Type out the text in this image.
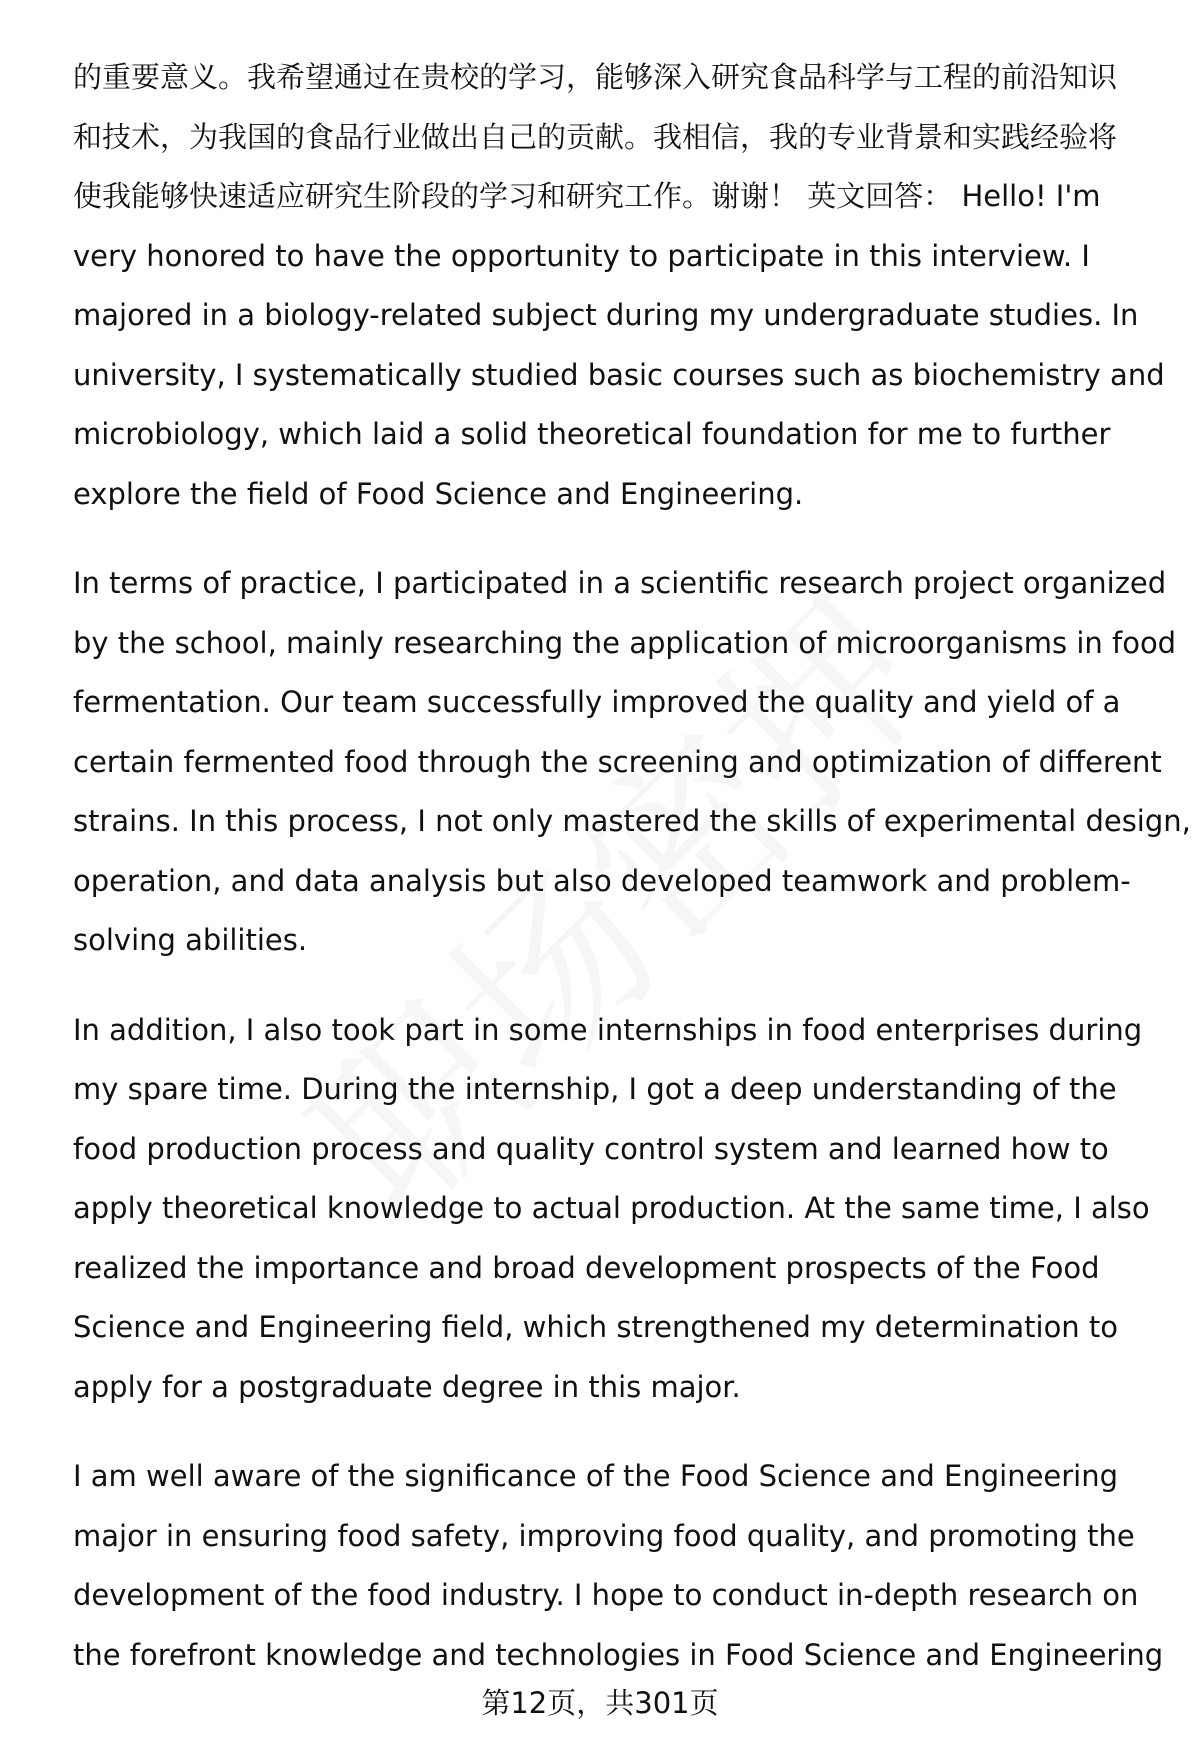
的重要意义。我希望通过在贵校的学习，能够深入研究食品科学与工程的前沿知识
和技术，为我国的食品行业做出自己的贡献。我相信，我的专业背景和实践经验将
使我能够快速适应研究生阶段的学习和研究工作。谢谢！ 英文回答： Hello! I'm
very honored to have the opportunity to participate in this interview. I
majored in a biology-related subject during my undergraduate studies. In
university, I systematically studied basic courses such as biochemistry and
microbiology, which laid a solid theoretical foundation for me to further
explore the field of Food Science and Engineering.

In terms of practice, I participated in a scientific research project organized
by the school, mainly researching the application of microorganisms in food
fermentation. Our team successfully improved the quality and yield of a
certain fermented food through the screening and optimization of different
strains. In this process, I not only mastered the skills of experimental design,
operation, and data analysis but also developed teamwork and problem-
solving abilities.

In addition, I also took part in some internships in food enterprises during
my spare time. During the internship, I got a deep understanding of the
food production process and quality control system and learned how to
apply theoretical knowledge to actual production. At the same time, I also
realized the importance and broad development prospects of the Food
Science and Engineering field, which strengthened my determination to
apply for a postgraduate degree in this major.

I am well aware of the significance of the Food Science and Engineering
major in ensuring food safety, improving food quality, and promoting the
development of the food industry. I hope to conduct in-depth research on
the forefront knowledge and technologies in Food Science and Engineering

第12页，共301页
